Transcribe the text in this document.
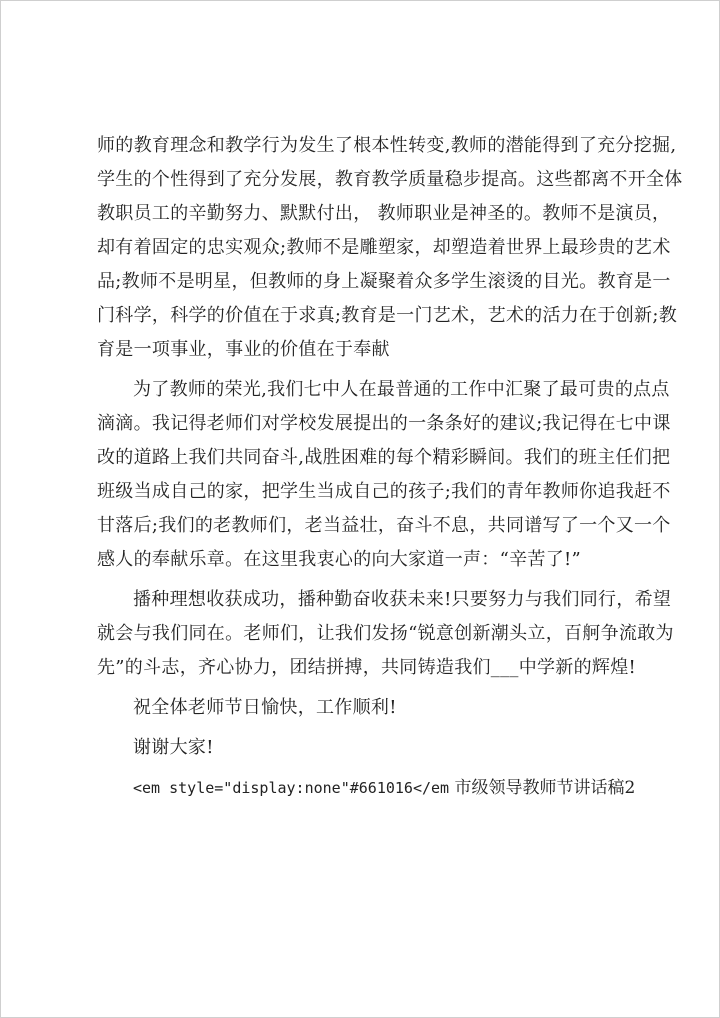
师的教育理念和教学行为发生了根本性转变,教师的潜能得到了充分挖掘,
学生的个性得到了充分发展，教育教学质量稳步提高。这些都离不开全体
教职员工的辛勤努力、默默付出， 教师职业是神圣的。教师不是演员，
却有着固定的忠实观众;教师不是雕塑家，却塑造着世界上最珍贵的艺术
品;教师不是明星，但教师的身上凝聚着众多学生滚烫的目光。教育是一
门科学，科学的价值在于求真;教育是一门艺术，艺术的活力在于创新;教
育是一项事业，事业的价值在于奉献
为了教师的荣光,我们七中人在最普通的工作中汇聚了最可贵的点点
滴滴。我记得老师们对学校发展提出的一条条好的建议;我记得在七中课
改的道路上我们共同奋斗,战胜困难的每个精彩瞬间。我们的班主任们把
班级当成自己的家，把学生当成自己的孩子;我们的青年教师你追我赶不
甘落后;我们的老教师们，老当益壮，奋斗不息，共同谱写了一个又一个
感人的奉献乐章。在这里我衷心的向大家道一声：“辛苦了!”
播种理想收获成功，播种勤奋收获未来!只要努力与我们同行，希望
就会与我们同在。老师们，让我们发扬“锐意创新潮头立，百舸争流敢为
先”的斗志，齐心协力，团结拼搏，共同铸造我们___中学新的辉煌!
祝全体老师节日愉快，工作顺利!
谢谢大家!
<em style="display:none"#661016</em 市级领导教师节讲话稿2
